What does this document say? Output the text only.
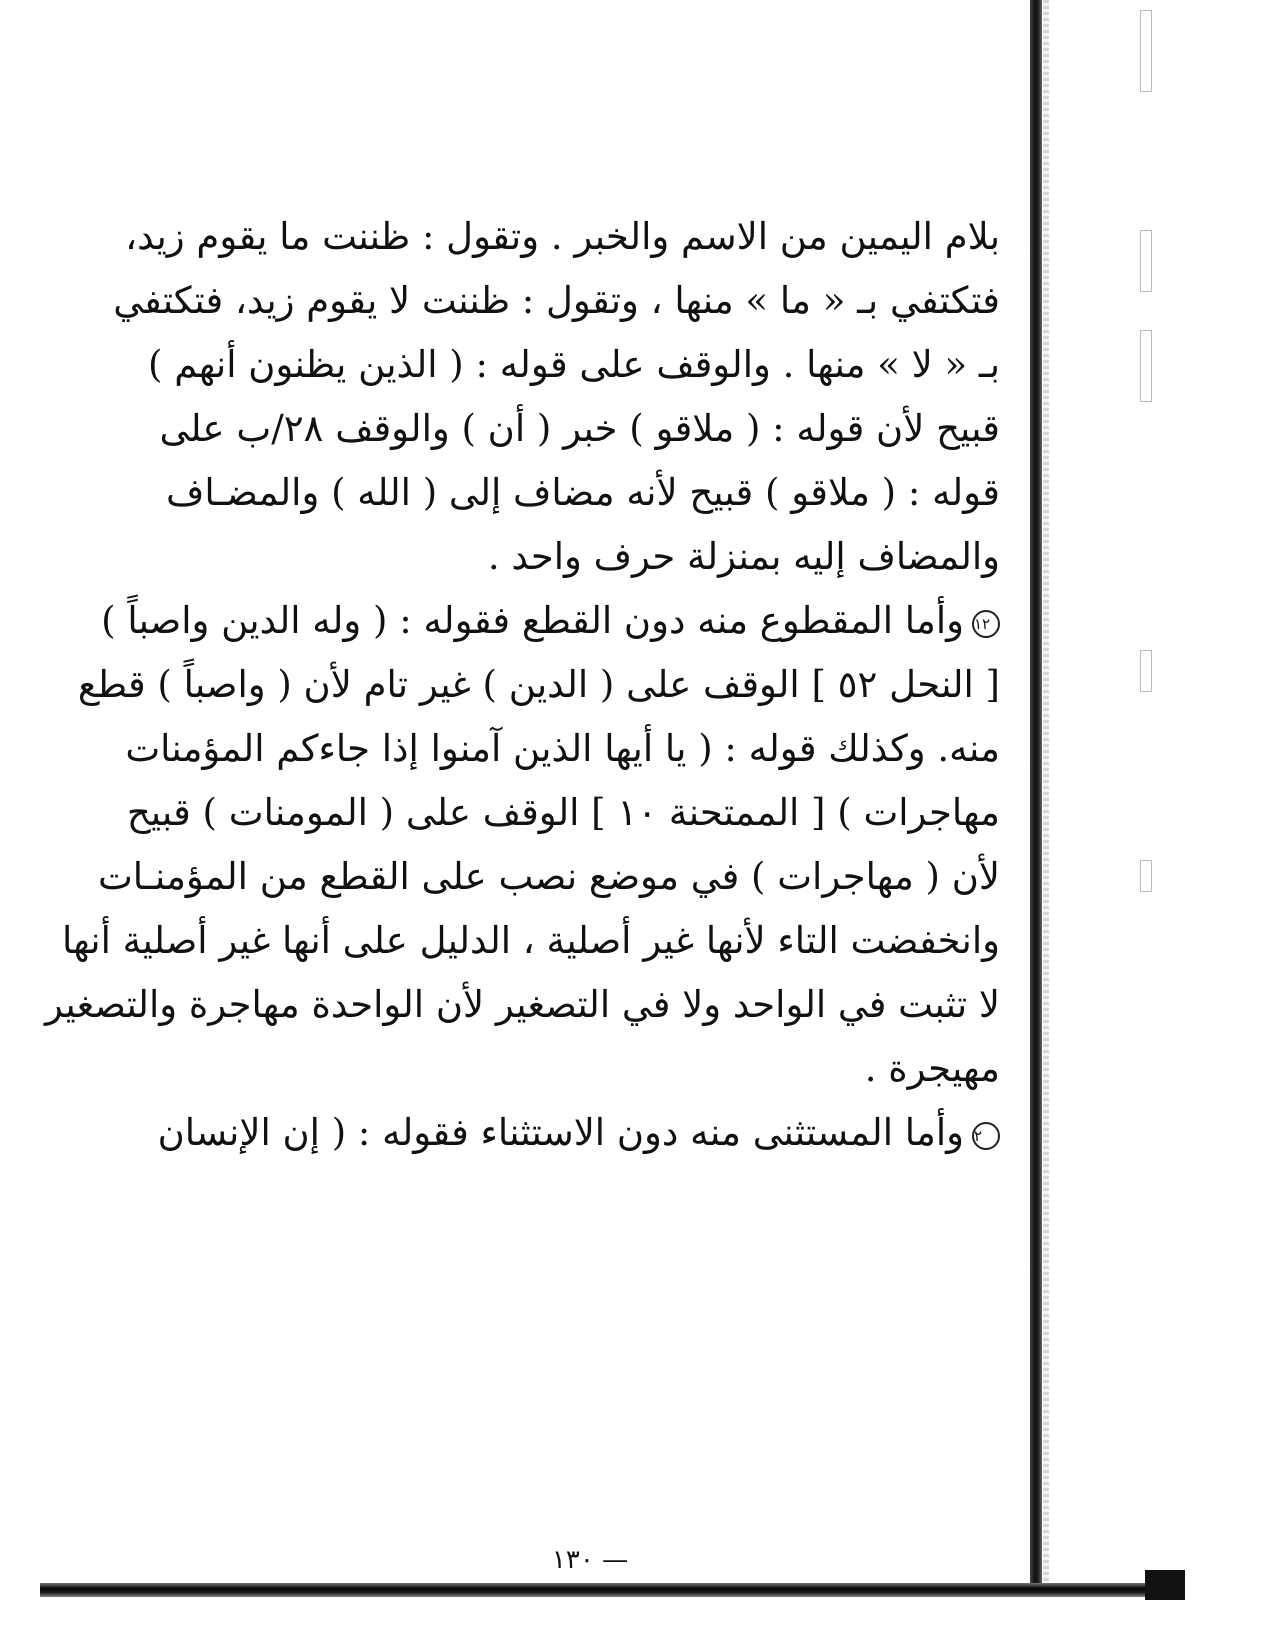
بلام اليمين من الاسم والخبر . وتقول : ظننت ما يقوم زيد،
فتكتفي بـ « ما » منها ، وتقول : ظننت لا يقوم زيد، فتكتفي
بـ « لا » منها . والوقف على قوله : ( الذين يظنون أنهم )
قبيح لأن قوله : ( ملاقو ) خبر ( أن ) والوقف ٢٨/ب على
قوله : ( ملاقو ) قبيح لأنه مضاف إلى ( الله ) والمضـاف
والمضاف إليه بمنزلة حرف واحد .
١٢وأما المقطوع منه دون القطع فقوله : ( وله الدين واصباً )
[ النحل ٥٢ ] الوقف على ( الدين ) غير تام لأن ( واصباً ) قطع
منه. وكذلك قوله : ( يا أيها الذين آمنوا إذا جاءكم المؤمنات
مهاجرات ) [ الممتحنة ١٠ ] الوقف على ( المومنات ) قبيح
لأن ( مهاجرات ) في موضع نصب على القطع من المؤمنـات
وانخفضت التاء لأنها غير أصلية ، الدليل على أنها غير أصلية أنها
لا تثبت في الواحد ولا في التصغير لأن الواحدة مهاجرة والتصغير
مهيجرة .
٢وأما المستثنى منه دون الاستثناء فقوله : ( إن الإنسان
— ١٣٠
